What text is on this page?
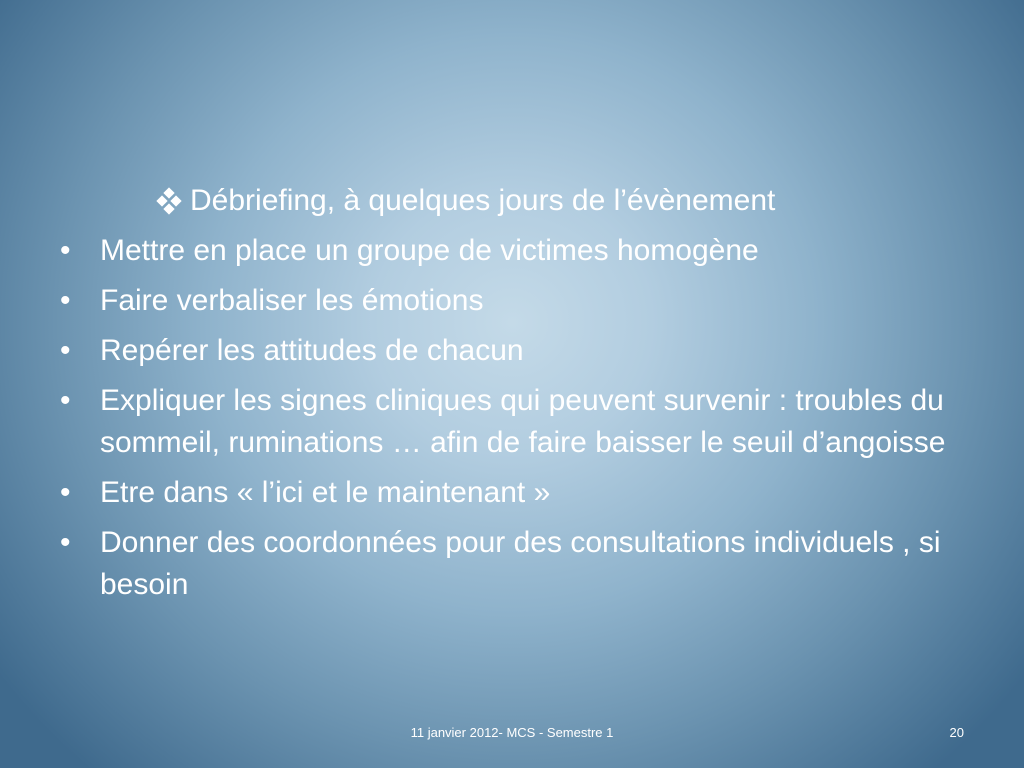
Débriefing, à quelques jours de l’évènement
• Mettre en place un groupe de victimes homogène
• Faire verbaliser les émotions
• Repérer les attitudes de chacun
• Expliquer les signes cliniques qui peuvent survenir : troubles du sommeil, ruminations … afin de faire baisser le seuil d’angoisse
• Etre dans « l’ici et le maintenant »
• Donner des coordonnées pour des consultations individuels , si besoin
11 janvier 2012- MCS - Semestre 1	20
